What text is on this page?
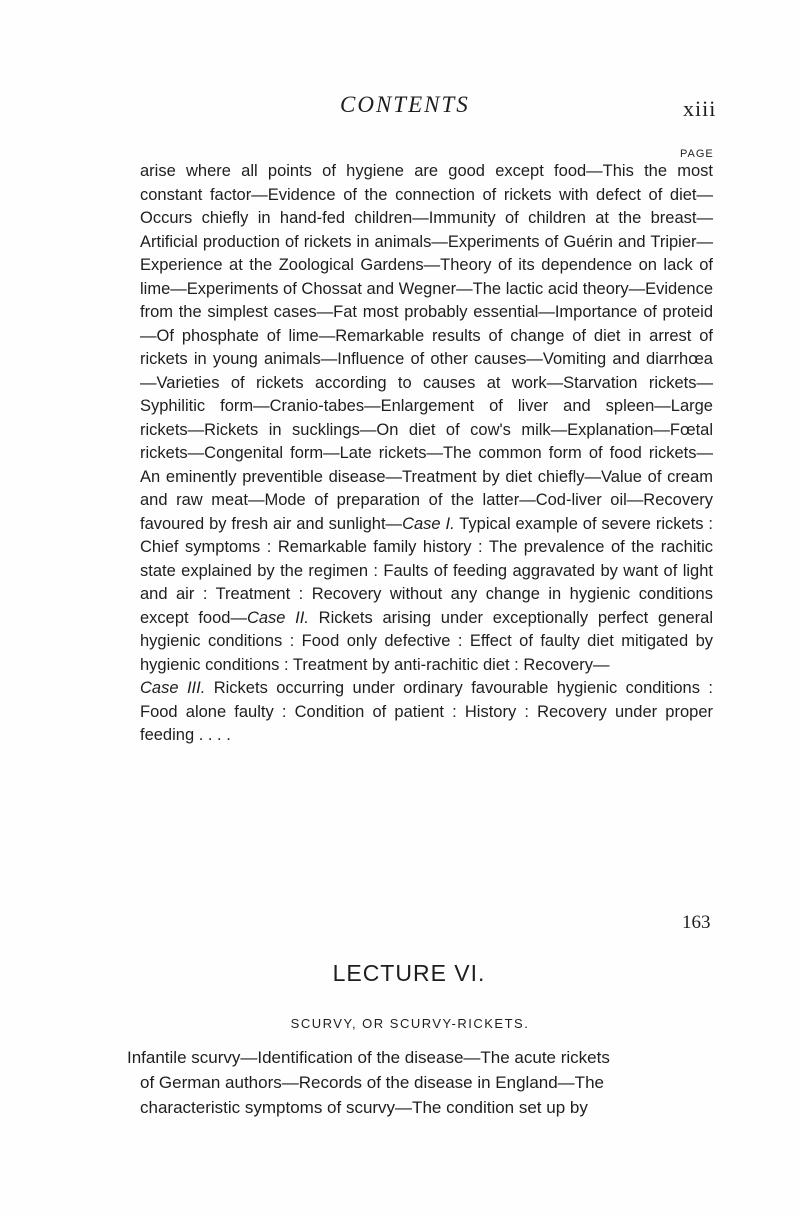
CONTENTS	xiii
PAGE
arise where all points of hygiene are good except food—This the most constant factor—Evidence of the connection of rickets with defect of diet—Occurs chiefly in hand-fed children—Immunity of children at the breast—Artificial production of rickets in animals—Experiments of Guérin and Tripier—Experience at the Zoological Gardens—Theory of its dependence on lack of lime—Experiments of Chossat and Wegner—The lactic acid theory—Evidence from the simplest cases—Fat most probably essential—Importance of proteid—Of phosphate of lime—Remarkable results of change of diet in arrest of rickets in young animals—Influence of other causes—Vomiting and diarrhœa—Varieties of rickets according to causes at work—Starvation rickets—Syphilitic form—Cranio-tabes—Enlargement of liver and spleen—Large rickets—Rickets in sucklings—On diet of cow's milk—Explanation—Fœtal rickets—Congenital form—Late rickets—The common form of food rickets—An eminently preventible disease—Treatment by diet chiefly—Value of cream and raw meat—Mode of preparation of the latter—Cod-liver oil—Recovery favoured by fresh air and sunlight—Case I. Typical example of severe rickets : Chief symptoms : Remarkable family history : The prevalence of the rachitic state explained by the regimen : Faults of feeding aggravated by want of light and air : Treatment : Recovery without any change in hygienic conditions except food—Case II. Rickets arising under exceptionally perfect general hygienic conditions : Food only defective : Effect of faulty diet mitigated by hygienic conditions : Treatment by anti-rachitic diet : Recovery—
Case III. Rickets occurring under ordinary favourable hygienic conditions : Food alone faulty : Condition of patient : History : Recovery under proper feeding . . . .
163
LECTURE VI.
SCURVY, OR SCURVY-RICKETS.
Infantile scurvy—Identification of the disease—The acute rickets
of German authors—Records of the disease in England—The
characteristic symptoms of scurvy—The condition set up by
